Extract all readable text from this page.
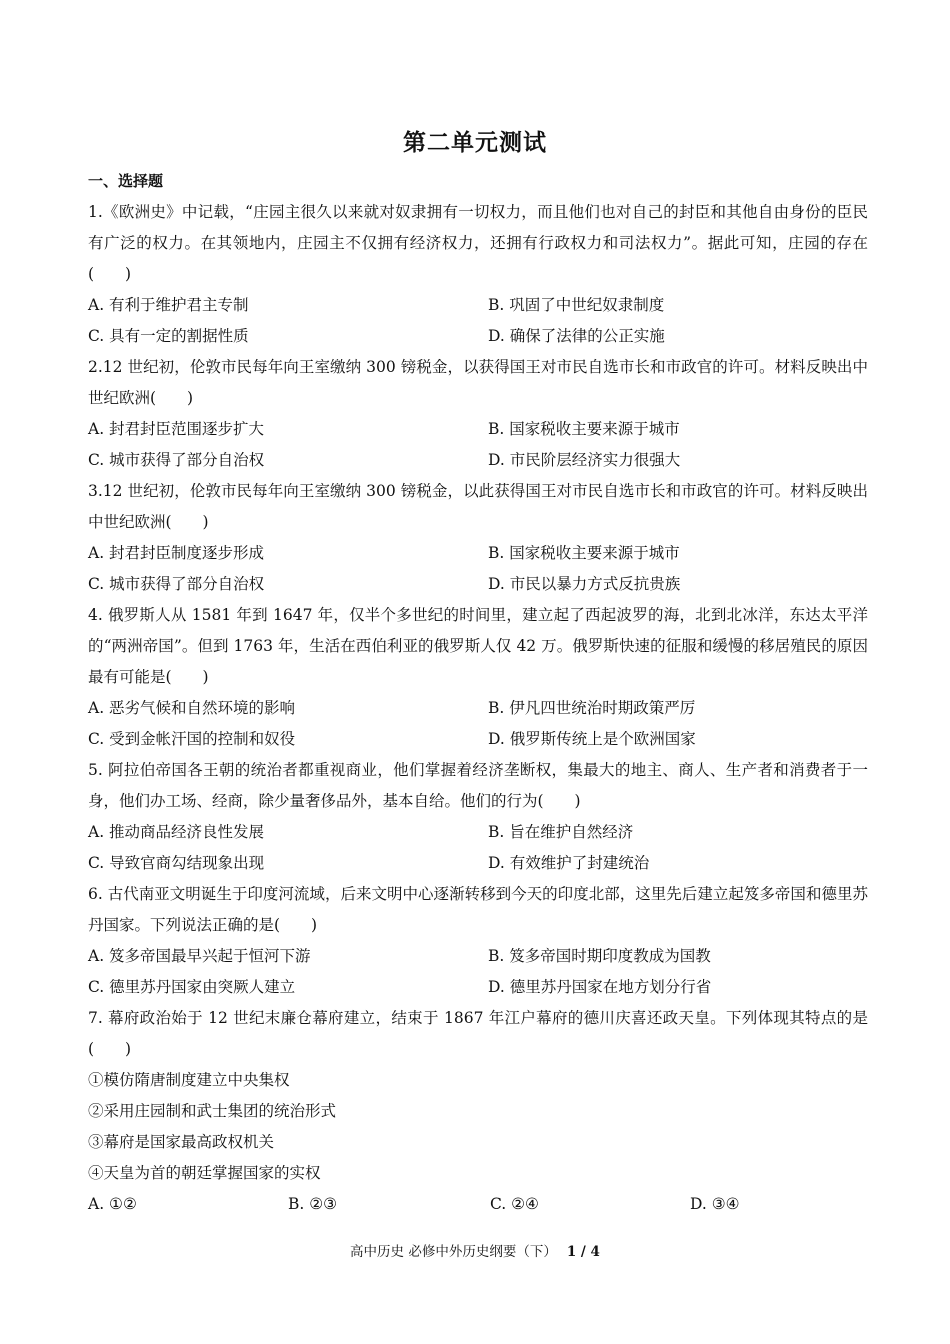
第二单元测试
一、选择题

1.《欧洲史》中记载，“庄园主很久以来就对奴隶拥有一切权力，而且他们也对自己的封臣和其他自由身份的臣民有广泛的权力。在其领地内，庄园主不仅拥有经济权力，还拥有行政权力和司法权力”。据此可知，庄园的存在(　　)

A. 有利于维护君主专制	B. 巩固了中世纪奴隶制度
C. 具有一定的割据性质	D. 确保了法律的公正实施

2.12 世纪初，伦敦市民每年向王室缴纳 300 镑税金，以获得国王对市民自选市长和市政官的许可。材料反映出中世纪欧洲(　　)

A. 封君封臣范围逐步扩大	B. 国家税收主要来源于城市
C. 城市获得了部分自治权	D. 市民阶层经济实力很强大

3.12 世纪初，伦敦市民每年向王室缴纳 300 镑税金，以此获得国王对市民自选市长和市政官的许可。材料反映出中世纪欧洲(　　)

A. 封君封臣制度逐步形成	B. 国家税收主要来源于城市
C. 城市获得了部分自治权	D. 市民以暴力方式反抗贵族

4. 俄罗斯人从 1581 年到 1647 年，仅半个多世纪的时间里，建立起了西起波罗的海，北到北冰洋，东达太平洋的“两洲帝国”。但到 1763 年，生活在西伯利亚的俄罗斯人仅 42 万。俄罗斯快速的征服和缓慢的移居殖民的原因最有可能是(　　)

A. 恶劣气候和自然环境的影响	B. 伊凡四世统治时期政策严厉
C. 受到金帐汗国的控制和奴役	D. 俄罗斯传统上是个欧洲国家

5. 阿拉伯帝国各王朝的统治者都重视商业，他们掌握着经济垄断权，集最大的地主、商人、生产者和消费者于一身，他们办工场、经商，除少量奢侈品外，基本自给。他们的行为(　　)

A. 推动商品经济良性发展	B. 旨在维护自然经济
C. 导致官商勾结现象出现	D. 有效维护了封建统治

6. 古代南亚文明诞生于印度河流域，后来文明中心逐渐转移到今天的印度北部，这里先后建立起笈多帝国和德里苏丹国家。下列说法正确的是(　　)

A. 笈多帝国最早兴起于恒河下游	B. 笈多帝国时期印度教成为国教
C. 德里苏丹国家由突厥人建立	D. 德里苏丹国家在地方划分行省

7. 幕府政治始于 12 世纪末廉仓幕府建立，结束于 1867 年江户幕府的德川庆喜还政天皇。下列体现其特点的是(　　)

①模仿隋唐制度建立中央集权

②采用庄园制和武士集团的统治形式

③幕府是国家最高政权机关

④天皇为首的朝廷掌握国家的实权

A. ①②	B. ②③	C. ②④	D. ③④
高中历史 必修中外历史纲要（下） 1 / 4
